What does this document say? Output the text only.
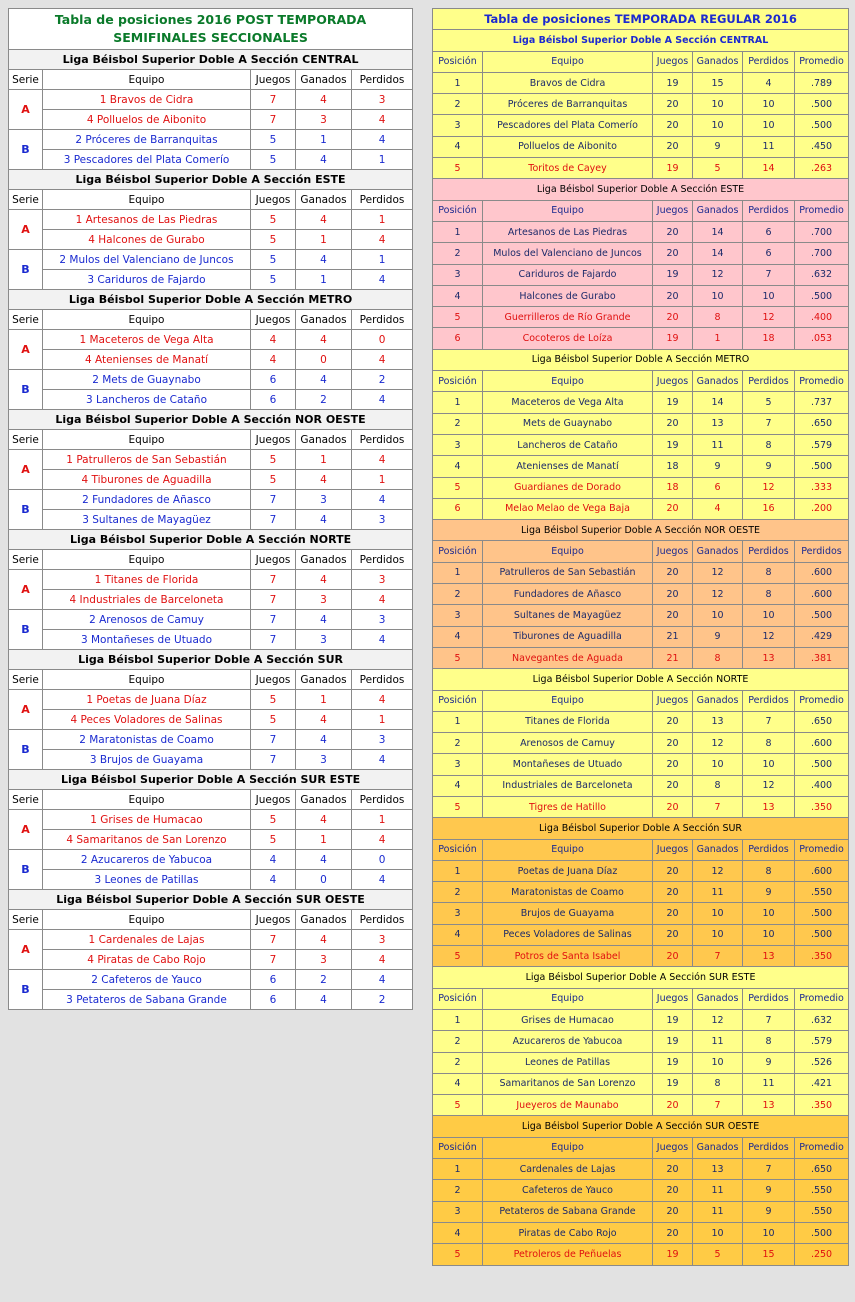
Tabla de posiciones 2016 POST TEMPORADA
SEMIFINALES SECCIONALES				

Liga Béisbol Superior Doble A Sección CENTRAL				
Serie	Equipo	Juegos	Ganados	Perdidos
A	1 Bravos de Cidra	7	4	3
	4 Polluelos de Aibonito	7	3	4
B	2 Próceres de Barranquitas	5	1	4
	3 Pescadores del Plata Comerío	5	4	1
Liga Béisbol Superior Doble A Sección ESTE				
Serie	Equipo	Juegos	Ganados	Perdidos
A	1 Artesanos de Las Piedras	5	4	1
	4 Halcones de Gurabo	5	1	4
B	2 Mulos del Valenciano de Juncos	5	4	1
	3 Cariduros de Fajardo	5	1	4
Liga Béisbol Superior Doble A Sección METRO				
Serie	Equipo	Juegos	Ganados	Perdidos
A	1 Maceteros de Vega Alta	4	4	0
	4 Atenienses de Manatí	4	0	4
B	2 Mets de Guaynabo	6	4	2
	3 Lancheros de Cataño	6	2	4
Liga Béisbol Superior Doble A Sección NOR OESTE				
Serie	Equipo	Juegos	Ganados	Perdidos
A	1 Patrulleros de San Sebastián	5	1	4
	4 Tiburones de Aguadilla	5	4	1
B	2 Fundadores de Añasco	7	3	4
	3 Sultanes de Mayagüez	7	4	3
Liga Béisbol Superior Doble A Sección NORTE				
Serie	Equipo	Juegos	Ganados	Perdidos
A	1 Titanes de Florida	7	4	3
	4 Industriales de Barceloneta	7	3	4
B	2 Arenosos de Camuy	7	4	3
	3 Montañeses de Utuado	7	3	4
Liga Béisbol Superior Doble A Sección SUR				
Serie	Equipo	Juegos	Ganados	Perdidos
A	1 Poetas de Juana Díaz	5	1	4
	4 Peces Voladores de Salinas	5	4	1
B	2 Maratonistas de Coamo	7	4	3
	3 Brujos de Guayama	7	3	4
Liga Béisbol Superior Doble A Sección SUR ESTE				
Serie	Equipo	Juegos	Ganados	Perdidos
A	1 Grises de Humacao	5	4	1
	4 Samaritanos de San Lorenzo	5	1	4
B	2 Azucareros de Yabucoa	4	4	0
	3 Leones de Patillas	4	0	4
Liga Béisbol Superior Doble A Sección SUR OESTE				
Serie	Equipo	Juegos	Ganados	Perdidos
A	1 Cardenales de Lajas	7	4	3
	4 Piratas de Cabo Rojo	7	3	4
B	2 Cafeteros de Yauco	6	2	4
	3 Petateros de Sabana Grande	6	4	2
Tabla de posiciones TEMPORADA REGULAR 2016					
Liga Béisbol Superior Doble A Sección CENTRAL					
Posición	Equipo	Juegos	Ganados	Perdidos	Promedio
1	Bravos de Cidra	19	15	4	.789
2	Próceres de Barranquitas	20	10	10	.500
3	Pescadores del Plata Comerío	20	10	10	.500
4	Polluelos de Aibonito	20	9	11	.450
5	Toritos de Cayey	19	5	14	.263
Liga Béisbol Superior Doble A Sección ESTE					
Posición	Equipo	Juegos	Ganados	Perdidos	Promedio
1	Artesanos de Las Piedras	20	14	6	.700
2	Mulos del Valenciano de Juncos	20	14	6	.700
3	Cariduros de Fajardo	19	12	7	.632
4	Halcones de Gurabo	20	10	10	.500
5	Guerrilleros de Río Grande	20	8	12	.400
6	Cocoteros de Loíza	19	1	18	.053
Liga Béisbol Superior Doble A Sección METRO					
Posición	Equipo	Juegos	Ganados	Perdidos	Promedio
1	Maceteros de Vega Alta	19	14	5	.737
2	Mets de Guaynabo	20	13	7	.650
3	Lancheros de Cataño	19	11	8	.579
4	Atenienses de Manatí	18	9	9	.500
5	Guardianes de Dorado	18	6	12	.333
6	Melao Melao de Vega Baja	20	4	16	.200
Liga Béisbol Superior Doble A Sección NOR OESTE					
Posición	Equipo	Juegos	Ganados	Perdidos	Perdidos
1	Patrulleros de San Sebastián	20	12	8	.600
2	Fundadores de Añasco	20	12	8	.600
3	Sultanes de Mayagüez	20	10	10	.500
4	Tiburones de Aguadilla	21	9	12	.429
5	Navegantes de Aguada	21	8	13	.381
Liga Béisbol Superior Doble A Sección NORTE					
Posición	Equipo	Juegos	Ganados	Perdidos	Promedio
1	Titanes de Florida	20	13	7	.650
2	Arenosos de Camuy	20	12	8	.600
3	Montañeses de Utuado	20	10	10	.500
4	Industriales de Barceloneta	20	8	12	.400
5	Tigres de Hatillo	20	7	13	.350
Liga Béisbol Superior Doble A Sección SUR					
Posición	Equipo	Juegos	Ganados	Perdidos	Promedio
1	Poetas de Juana Díaz	20	12	8	.600
2	Maratonistas de Coamo	20	11	9	.550
3	Brujos de Guayama	20	10	10	.500
4	Peces Voladores de Salinas	20	10	10	.500
5	Potros de Santa Isabel	20	7	13	.350
Liga Béisbol Superior Doble A Sección SUR ESTE					
Posición	Equipo	Juegos	Ganados	Perdidos	Promedio
1	Grises de Humacao	19	12	7	.632
2	Azucareros de Yabucoa	19	11	8	.579
2	Leones de Patillas	19	10	9	.526
4	Samaritanos de San Lorenzo	19	8	11	.421
5	Jueyeros de Maunabo	20	7	13	.350
Liga Béisbol Superior Doble A Sección SUR OESTE					
Posición	Equipo	Juegos	Ganados	Perdidos	Promedio
1	Cardenales de Lajas	20	13	7	.650
2	Cafeteros de Yauco	20	11	9	.550
3	Petateros de Sabana Grande	20	11	9	.550
4	Piratas de Cabo Rojo	20	10	10	.500
5	Petroleros de Peñuelas	19	5	15	.250
